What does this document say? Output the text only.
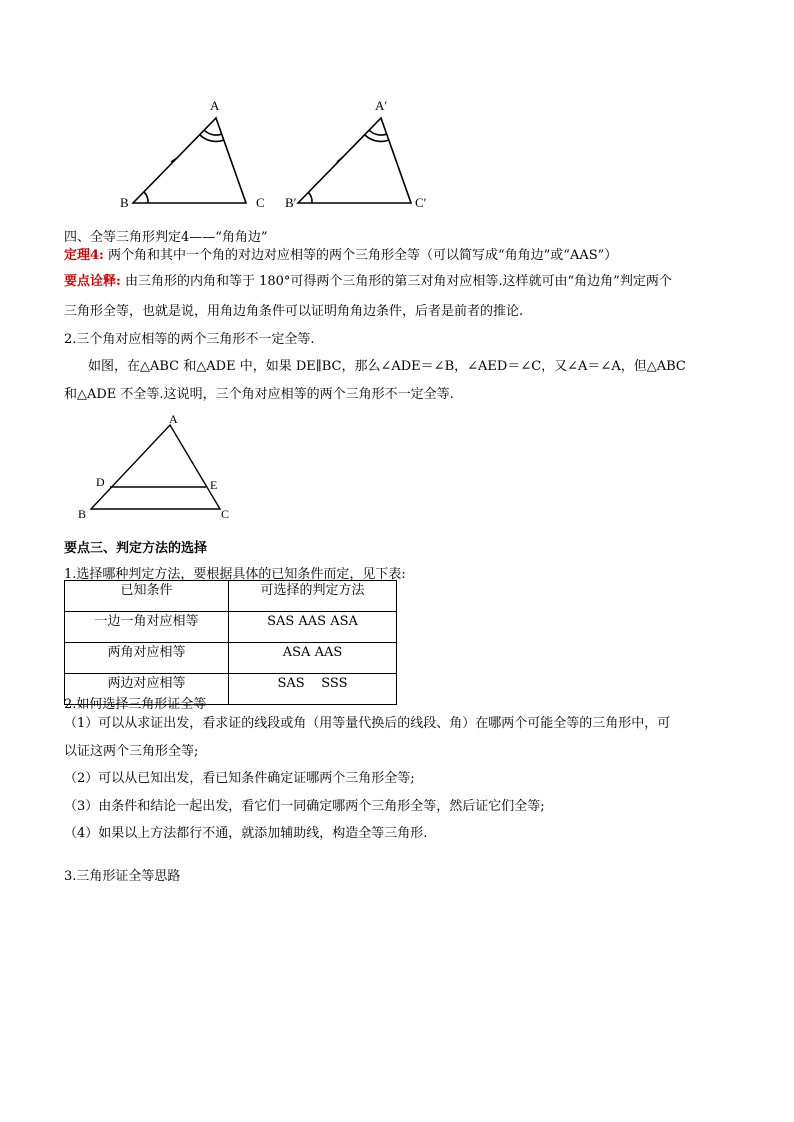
A
B	C
A′
B′	C′
四、全等三角形判定4——“角角边”
定理4: 两个角和其中一个角的对边对应相等的两个三角形全等（可以简写成“角角边”或“AAS”）
要点诠释: 由三角形的内角和等于 180°可得两个三角形的第三对角对应相等.这样就可由“角边角”判定两个
三角形全等，也就是说，用角边角条件可以证明角角边条件，后者是前者的推论.
2.三个角对应相等的两个三角形不一定全等.
如图，在△ABC 和△ADE 中，如果 DE∥BC，那么∠ADE＝∠B，∠AED＝∠C，又∠A＝∠A，但△ABC
和△ADE 不全等.这说明，三个角对应相等的两个三角形不一定全等.
A
D	E
B	C
要点三、判定方法的选择
1.选择哪种判定方法，要根据具体的已知条件而定，见下表:
已知条件	可选择的判定方法
一边一角对应相等	SAS AAS ASA
两角对应相等	ASA AAS
两边对应相等	SAS    SSS
2.如何选择三角形证全等
（1）可以从求证出发，看求证的线段或角（用等量代换后的线段、角）在哪两个可能全等的三角形中，可
以证这两个三角形全等;
（2）可以从已知出发，看已知条件确定证哪两个三角形全等;
（3）由条件和结论一起出发，看它们一同确定哪两个三角形全等，然后证它们全等;
（4）如果以上方法都行不通，就添加辅助线，构造全等三角形.
3.三角形证全等思路
